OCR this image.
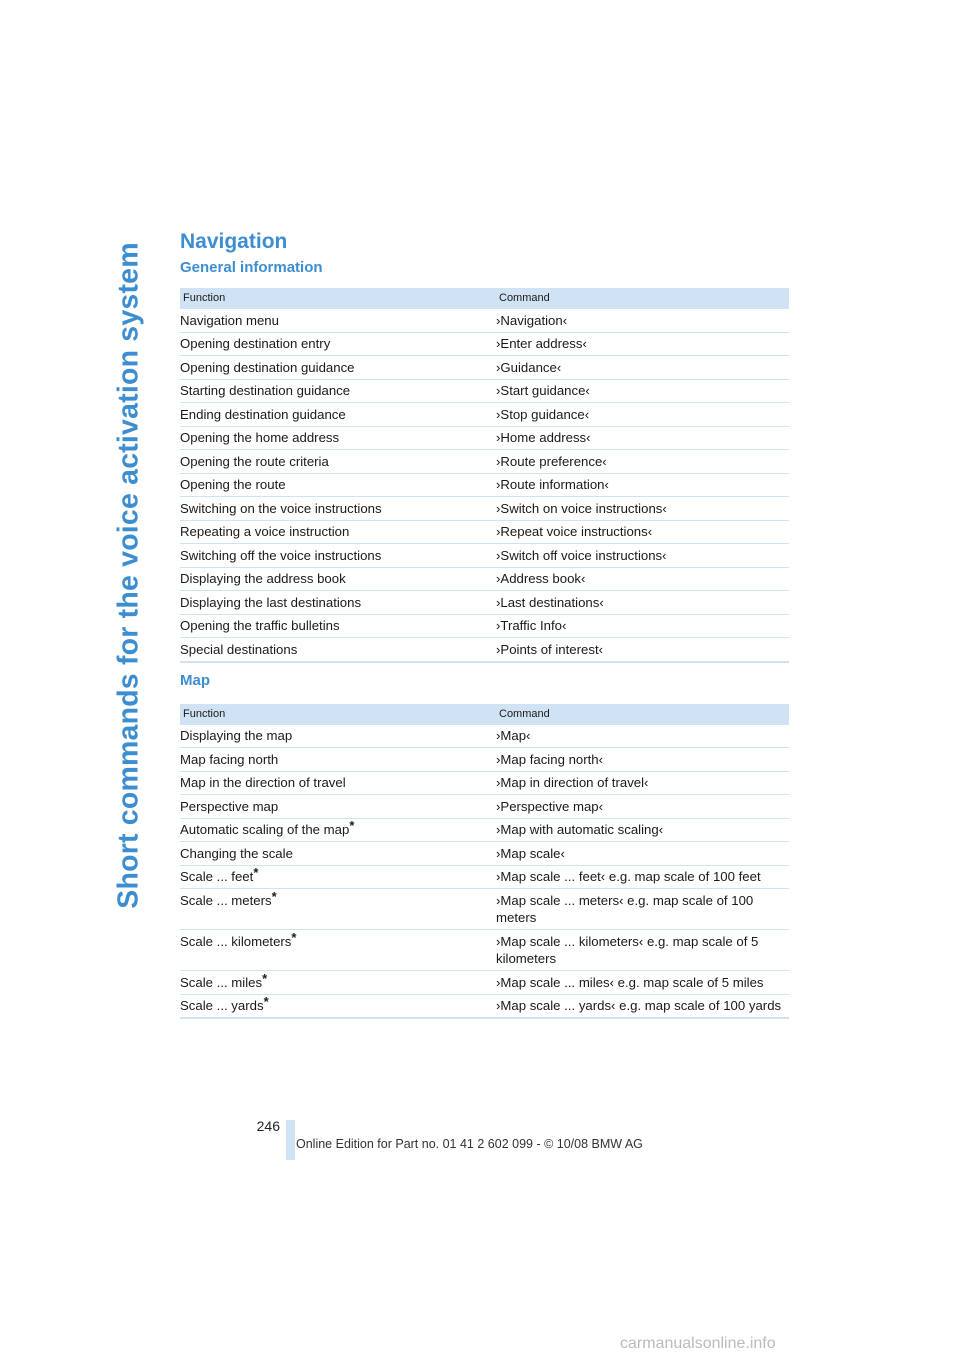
Short commands for the voice activation system
Navigation
General information
Function	Command
Navigation menu	›Navigation‹
Opening destination entry	›Enter address‹
Opening destination guidance	›Guidance‹
Starting destination guidance	›Start guidance‹
Ending destination guidance	›Stop guidance‹
Opening the home address	›Home address‹
Opening the route criteria	›Route preference‹
Opening the route	›Route information‹
Switching on the voice instructions	›Switch on voice instructions‹
Repeating a voice instruction	›Repeat voice instructions‹
Switching off the voice instructions	›Switch off voice instructions‹
Displaying the address book	›Address book‹
Displaying the last destinations	›Last destinations‹
Opening the traffic bulletins	›Traffic Info‹
Special destinations	›Points of interest‹
Map
Function	Command
Displaying the map	›Map‹
Map facing north	›Map facing north‹
Map in the direction of travel	›Map in direction of travel‹
Perspective map	›Perspective map‹
Automatic scaling of the map*	›Map with automatic scaling‹
Changing the scale	›Map scale‹
Scale ... feet*	›Map scale ... feet‹ e.g. map scale of 100 feet
Scale ... meters*	›Map scale ... meters‹ e.g. map scale of 100 meters
Scale ... kilometers*	›Map scale ... kilometers‹ e.g. map scale of 5 kilometers
Scale ... miles*	›Map scale ... miles‹ e.g. map scale of 5 miles
Scale ... yards*	›Map scale ... yards‹ e.g. map scale of 100 yards
246
Online Edition for Part no. 01 41 2 602 099 - © 10/08 BMW AG
carmanualsonline.info
